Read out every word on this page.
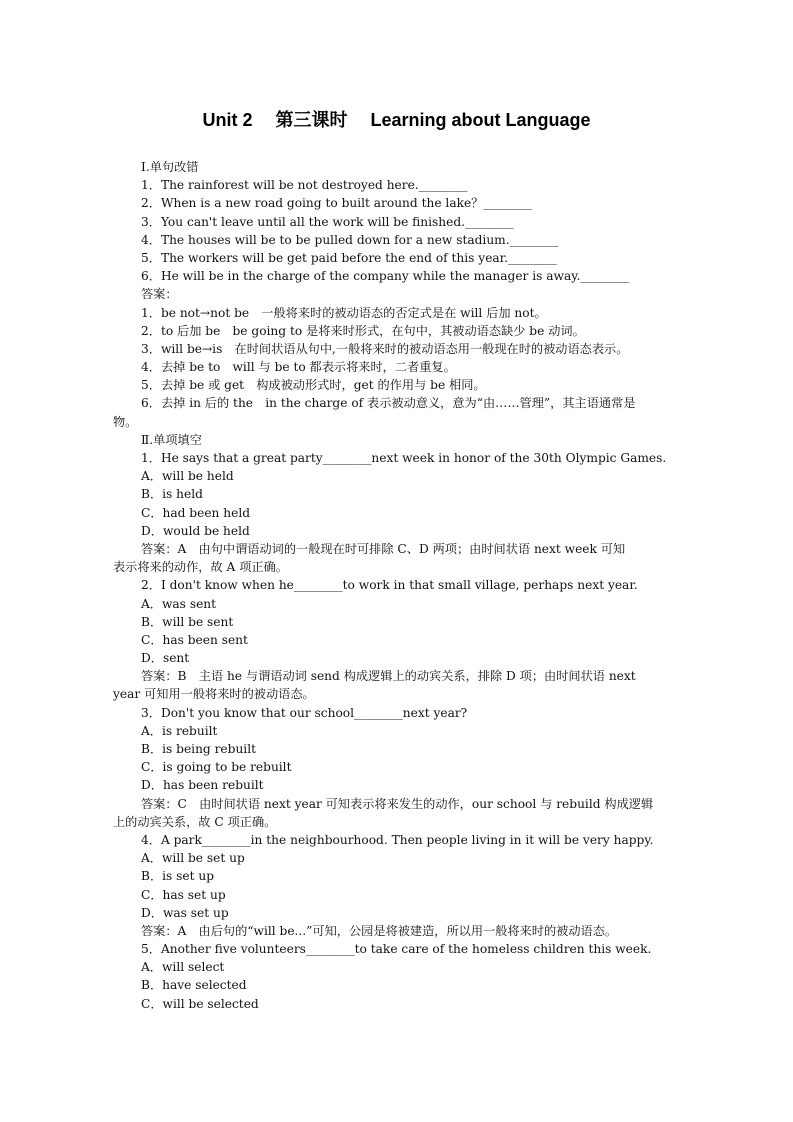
Unit 2　 第三课时 　Learning about Language
Ⅰ.单句改错
1．The rainforest will be not destroyed here.________
2．When is a new road going to built around the lake？________
3．You can't leave until all the work will be finished.________
4．The houses will be to be pulled down for a new stadium.________
5．The workers will be get paid before the end of this year.________
6．He will be in the charge of the company while the manager is away.________
答案：
1．be not→not be　一般将来时的被动语态的否定式是在 will 后加 not。
2．to 后加 be　be going to 是将来时形式，在句中，其被动语态缺少 be 动词。
3．will be→is　在时间状语从句中,一般将来时的被动语态用一般现在时的被动语态表示。
4．去掉 be to　will 与 be to 都表示将来时，二者重复。
5．去掉 be 或 get　构成被动形式时，get 的作用与 be 相同。
6．去掉 in 后的 the　in the charge of 表示被动意义，意为“由……管理”，其主语通常是
物。
Ⅱ.单项填空
1．He says that a great party________next week in honor of the 30th Olympic Games.
A．will be held
B．is held
C．had been held
D．would be held
答案：A　由句中谓语动词的一般现在时可排除 C、D 两项；由时间状语 next week 可知
表示将来的动作，故 A 项正确。
2．I don't know when he________to work in that small village, perhaps next year.
A．was sent
B．will be sent
C．has been sent
D．sent
答案：B　主语 he 与谓语动词 send 构成逻辑上的动宾关系，排除 D 项；由时间状语 next
year 可知用一般将来时的被动语态。
3．Don't you know that our school________next year?
A．is rebuilt
B．is being rebuilt
C．is going to be rebuilt
D．has been rebuilt
答案：C　由时间状语 next year 可知表示将来发生的动作，our school 与 rebuild 构成逻辑
上的动宾关系，故 C 项正确。
4．A park________in the neighbourhood. Then people living in it will be very happy.
A．will be set up
B．is set up
C．has set up
D．was set up
答案：A　由后句的“will be...”可知，公园是将被建造，所以用一般将来时的被动语态。
5．Another five volunteers________to take care of the homeless children this week.
A．will select
B．have selected
C．will be selected
